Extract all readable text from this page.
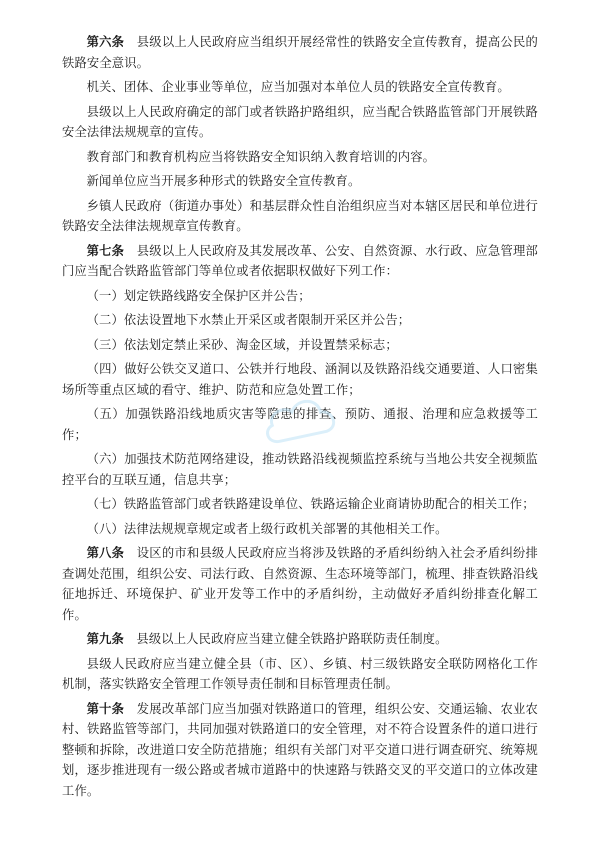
第六条  县级以上人民政府应当组织开展经常性的铁路安全宣传教育，提高公民的铁路安全意识。

机关、团体、企业事业等单位，应当加强对本单位人员的铁路安全宣传教育。

县级以上人民政府确定的部门或者铁路护路组织，应当配合铁路监管部门开展铁路安全法律法规规章的宣传。

教育部门和教育机构应当将铁路安全知识纳入教育培训的内容。

新闻单位应当开展多种形式的铁路安全宣传教育。

乡镇人民政府（街道办事处）和基层群众性自治组织应当对本辖区居民和单位进行铁路安全法律法规规章宣传教育。

第七条  县级以上人民政府及其发展改革、公安、自然资源、水行政、应急管理部门应当配合铁路监管部门等单位或者依据职权做好下列工作：

（一）划定铁路线路安全保护区并公告；

（二）依法设置地下水禁止开采区或者限制开采区并公告；

（三）依法划定禁止采砂、淘金区域，并设置禁采标志；

（四）做好公铁交叉道口、公铁并行地段、涵洞以及铁路沿线交通要道、人口密集场所等重点区域的看守、维护、防范和应急处置工作；

（五）加强铁路沿线地质灾害等隐患的排查、预防、通报、治理和应急救援等工作；

（六）加强技术防范网络建设，推动铁路沿线视频监控系统与当地公共安全视频监控平台的互联互通，信息共享；

（七）铁路监管部门或者铁路建设单位、铁路运输企业商请协助配合的相关工作；

（八）法律法规规章规定或者上级行政机关部署的其他相关工作。

第八条  设区的市和县级人民政府应当将涉及铁路的矛盾纠纷纳入社会矛盾纠纷排查调处范围，组织公安、司法行政、自然资源、生态环境等部门，梳理、排查铁路沿线征地拆迁、环境保护、矿业开发等工作中的矛盾纠纷，主动做好矛盾纠纷排查化解工作。

第九条  县级以上人民政府应当建立健全铁路护路联防责任制度。

县级人民政府应当建立健全县（市、区）、乡镇、村三级铁路安全联防网格化工作机制，落实铁路安全管理工作领导责任制和目标管理责任制。

第十条  发展改革部门应当加强对铁路道口的管理，组织公安、交通运输、农业农村、铁路监管等部门，共同加强对铁路道口的安全管理，对不符合设置条件的道口进行整顿和拆除，改进道口安全防范措施；组织有关部门对平交道口进行调查研究、统筹规划，逐步推进现有一级公路或者城市道路中的快速路与铁路交叉的平交道口的立体改建工作。
